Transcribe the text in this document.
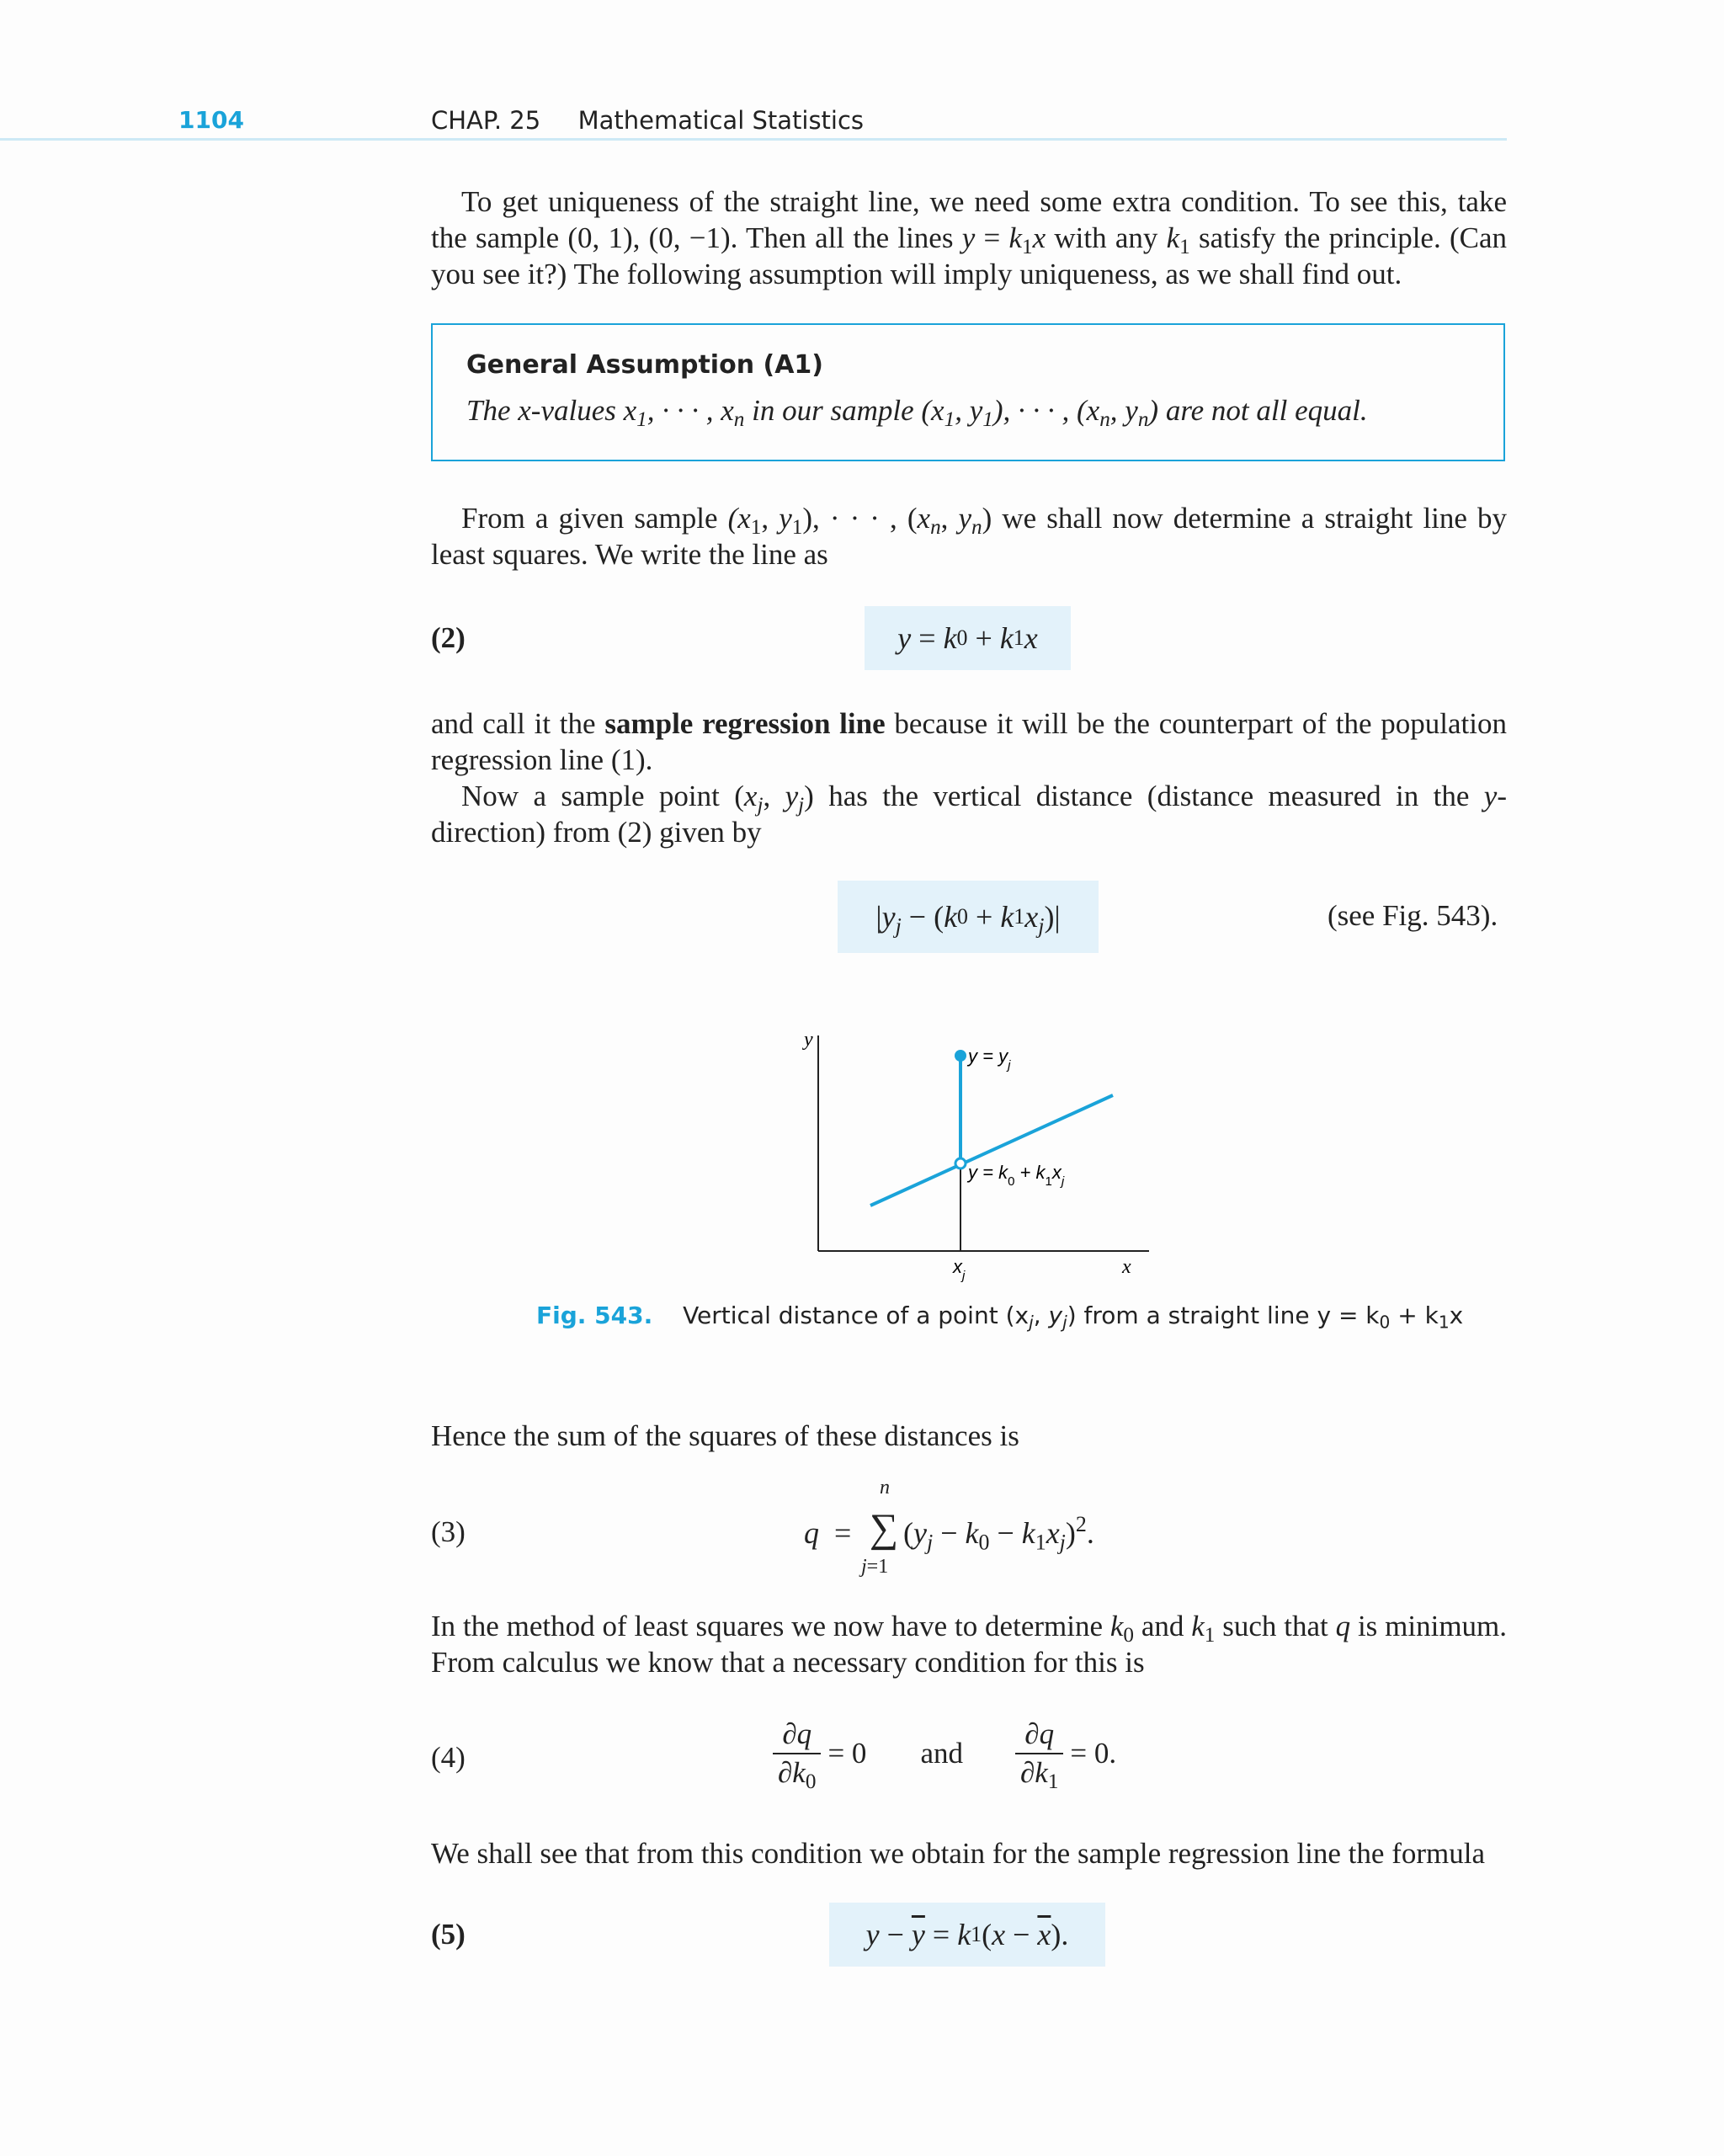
1104	CHAP. 25 Mathematical Statistics
To get uniqueness of the straight line, we need some extra condition. To see this, take the sample (0, 1), (0, −1). Then all the lines $y = k_1x$ with any $k_1$ satisfy the principle. (Can you see it?) The following assumption will imply uniqueness, as we shall find out.
General Assumption (A1)
The x-values $x_1$, · · · , $x_n$ in our sample ($x_1$, $y_1$), · · · , ($x_n$, $y_n$) are not all equal.
From a given sample ($x_1$, $y_1$), · · · , ($x_n$, $y_n$) we shall now determine a straight line by least squares. We write the line as
(2)	y = k 0 + k 1 x
and call it the sample regression line because it will be the counterpart of the population regression line (1).
Now a sample point ($x_j$, $y_j$) has the vertical distance (distance measured in the y-direction) from (2) given by
| $y_j$ − ( k 0 + k 1 $x_j$ )|	(see Fig. 543).
y
x
$y = y_j$
$y = k_0 + k_1x_j$
$x_j$
Fig. 543. Vertical distance of a point ($x_j$, $y_j$) from a straight line $y = k_0 + k_1x$
Hence the sum of the squares of these distances is
(3)	q = ∑
n
j=1
$(y_j - k_0 - k_1x_j)^2$.
In the method of least squares we now have to determine $k_0$ and $k_1$ such that q is minimum. From calculus we know that a necessary condition for this is
(4)	$\frac{\partial q}{\partial k_0} = 0$ and $\frac{\partial q}{\partial k_1} = 0$.
We shall see that from this condition we obtain for the sample regression line the formula
(5)	$y - \overline{y} = k$ 1 ( $x - \overline{x}$ ).
